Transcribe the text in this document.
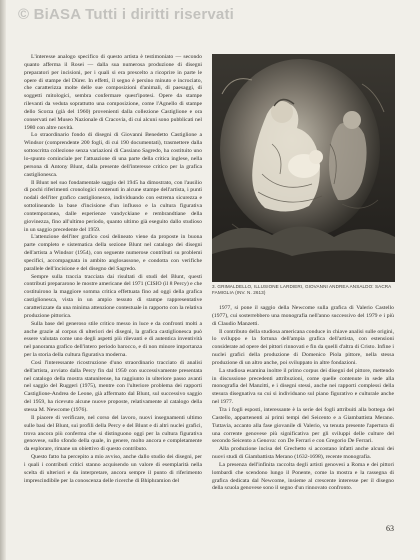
© BiASA Tutti i diritti riservati

L'interesse analogo specifico di questo artista è testimoniato — secondo quanto afferma il Rosei — dalla sua numerosa produzione di disegni preparatori per incisioni, per i quali si era prescelto a ricoprire in parte le opere di stampe del Dürer. In effetti, il segno è persino minuto e incrociato, che caratterizza molte delle sue composizioni d'animali, di paesaggi, di soggetti mitologici, sembra confermare quest'ipotesi. Opere da stampe rilevanti da veduta soprattutto una composizione, come l'Agnello di stampe dello Scorza (già del 1960) provenienti dalla collezione Castiglione e ora conservati nel Museo Nazionale di Cracovia, di cui alcuni sono pubblicati nel 1980 con altre novità.

Lo straordinario fondo di disegni di Giovanni Benedetto Castiglione a Windsor (comprendente 200 fogli, di cui 190 documentati), trasmettere dalla sottoscritta collezione senza variazioni di Cassiano Sagredo, ha costituito uno lo-spunto cominciale per l'attuazione di una parte della critica inglese, nella persona di Antony Blunt, dalla presente dell'interesse critico per la grafica castiglionesca.

Il Blunt nel suo fondamentale saggio del 1945 ha dimostrato, con l'ausilio di pochi riferimenti cronologici contenuti in alcune stampe dell'artista, i punti nodali dell'iter grafico castiglionesco, individuando con estrema sicurezza e sottolineando la base d'incisione d'un influsso e la cultura figurativa contemporanea, dalle esperienze vandyckiane e rembrandtiane della giovinezza, fino all'ultimo periodo, quanto ultimo già eseguito dallo studioso in un saggio precedente del 1959.

L'attenzione dell'iter grafico così delineato viene da proposte in buona parte completo e sistematica della sezione Blunt nel catalogo dei disegni dell'artista a Windsor (1954), con seguente numerose contributi su problemi specifici, accompagnata in ambito anglosassone, e condotta con verifiche parallele dell'incisione e del disegno del Sagredo.

Sempre sulla traccia tracciata dai risultati di studi del Blunt, questi contributi prepararono le mostre americane del 1971 (CISIO (il 8 Percy) e che costituirono la maggiore somma critica effettuata fino ad oggi della grafica castiglionesca, vista in un ampio tessuto di stampe rappresentative caratterizzate da una minima attenzione contestuale in rapporto con la relativa produzione pittorica.

Sulla base del generoso stile critico messo in luce e da confronti molti a anche grazie al corpus di ulteriori dei disegni, la grafica castiglionesca può essere valutata come uno degli aspetti più rilevanti e di autentica inventività nel panorama grafico dell'intero periodo barocco, e di non minore importanza per la storia della cultura figurativa moderna.

Così l'interessante ricostruzione d'uno straordinario tracciato di analisi dell'artista, avviato dalla Percy fin dal 1950 con successivamente presentata nel catalogo della mostra statunitense, ha raggiunto in ulteriore passo avanti nel saggio del Ruggeri (1975), mentre con l'ulteriore problema dei rapporti Castiglione-Andrea de Leone, già affermato dal Blunt, sul successivo saggio del 1959, ha ricevuto alcune nuove proposte, relativamente al catalogo della stessa M. Newcome (1976).

Il piacere di verificare, nel corso del lavoro, nuovi insegnamenti ultimo sulle basi del Blunt, sui profili della Percy e del Blunt e di altri nuclei grafici, trova ancora più conferma che si distinguono oggi per la cultura figurativa genovese, sullo sfondo della quale, in genere, molto ancora e completamente da esplorare, rimane un obiettivo di questo contributo.

Questo fatto ha percepito a mio avviso, anche dallo studio dei disegni, per i quali i contributi critici stanno acquisendo un valore di esemplarità nella scelta di ulteriori e da interpretare, ancora sempre il punto di riferimento imprescindibile per la conoscenza delle ricerche di Bhiphramion del

3. GRIMALDELLO, ILLUSIONE LARDIERI, GIOVANNI ANDREA ANSALDO: SACRA FAMIGLIA (INV. N. 2613)

1977, si pone il saggio della Newcome sulla grafica di Valerio Castello (1977), cui sosterrebbero una monografia nell'anno successivo del 1979 e i più di Claudio Manzetti.

Il contributo della studiosa americana conduce in chiave analisi sulle origini, lo sviluppo e la fortuna dell'ampia grafica dell'artista, con estensioni considerate ad opere dei pittori rinnovati e fin da quelli d'altra di Cristo. Infine i nuclei grafici della produzione di Domenico Piola pittore, nella stessa produzione di un altro anche, poi sviluppato in altre fondazioni.

La studiosa esamina inoltre il primo corpus dei disegni del pittore, mettendo in discussione precedenti attribuzioni, come quelle contenute in sede alla monografia del Manzitti, e i disegni stessi, anche nei rapporti complessi della stesura disegnativa su cui si individuano sul piano figurativo e culturale anche nel 1977.

Tra i fogli esposti, interessante è la serie dei fogli attribuiti alla bottega del Castello, appartenenti ai primi tempi del Seicento e a Giambattista Merano. Tuttavia, accanto alla fase giovanile di Valerio, va tenuta presente l'apertura di una corrente genovese più significativa per gli sviluppi delle culture del secondo Seicento a Genova: con De Ferrari e con Gregorio De Ferrari.

Alla produzione incisa del Grechetto si accostano infatti anche alcuni dei nuovi studi di Giambattista Merano (1632-1698), recente monografia.

La presenza dell'infinita raccolta degli artisti genovesi a Roma e dei pittori lombardi che scendono lungo il Ponente, come la mostra e la rassegna di grafica dedicata dal Newcome, insieme al crescente interesse per il disegno della scuola genovese sono il segno d'un rinnovato confronto.

63
